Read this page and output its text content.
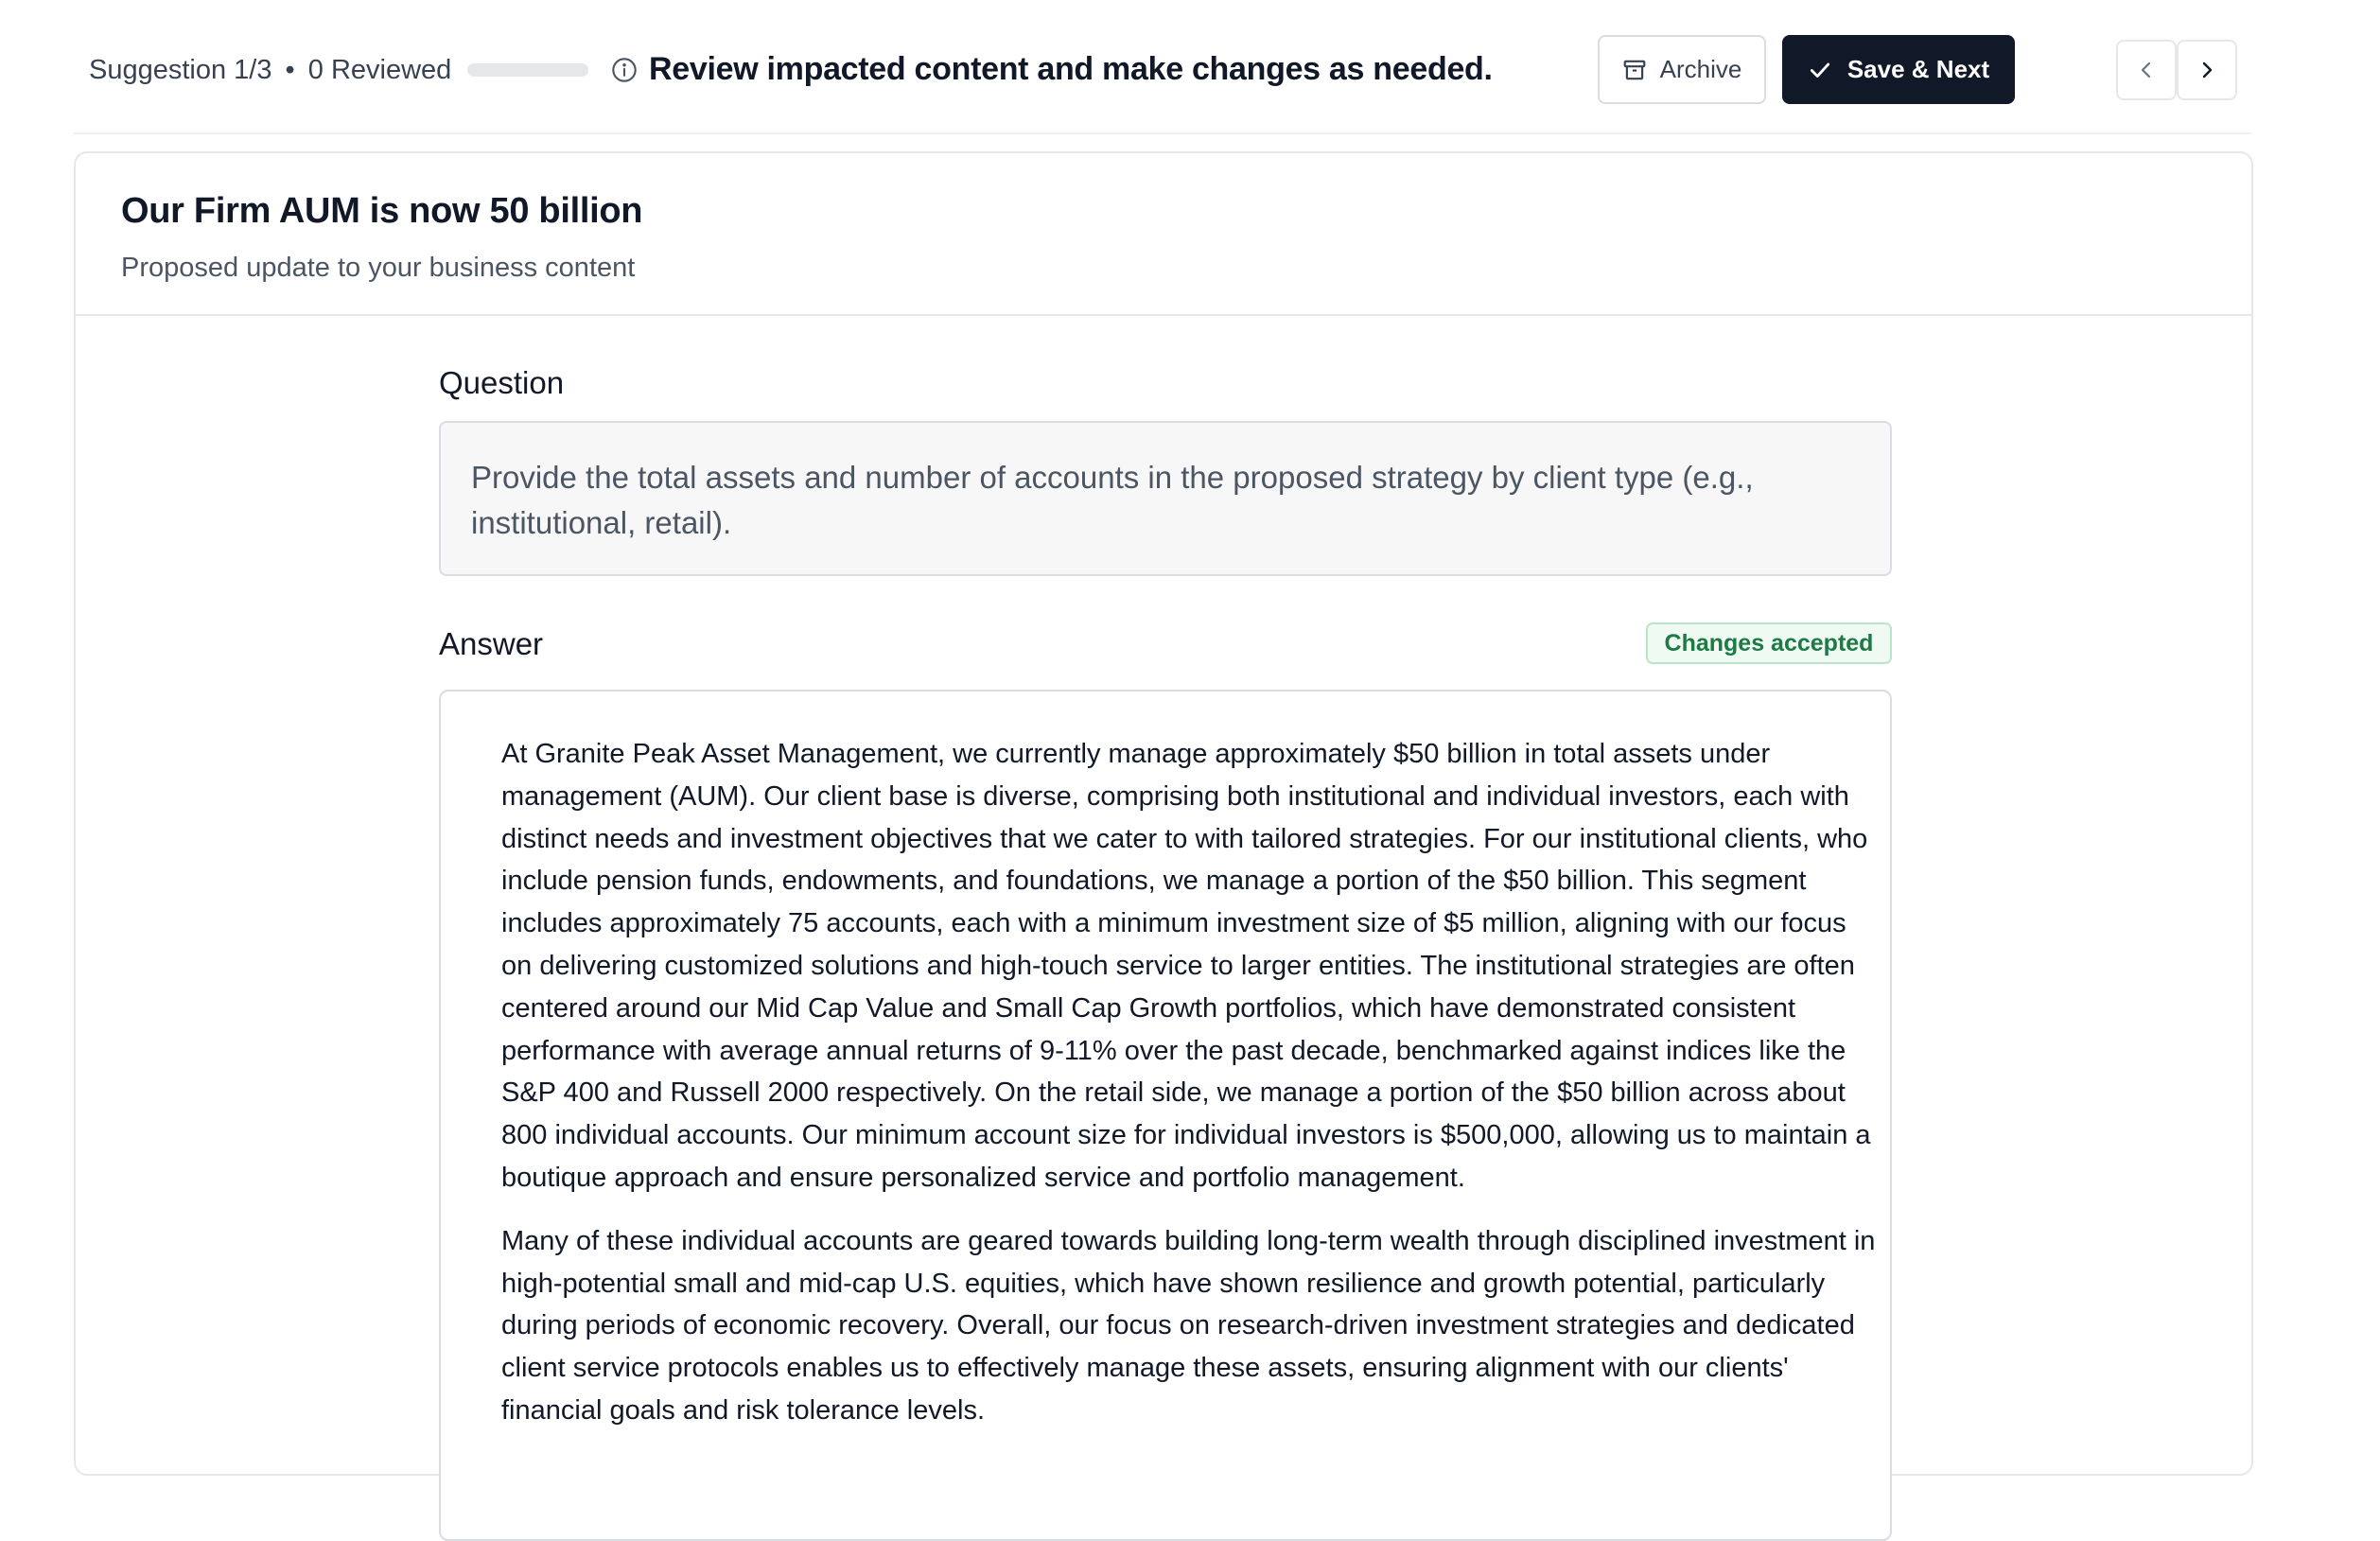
Suggestion 1/3 • 0 Reviewed	Review impacted content and make changes as needed.	Archive	Save & Next
Our Firm AUM is now 50 billion
Proposed update to your business content
Question
Provide the total assets and number of accounts in the proposed strategy by client type (e.g., institutional, retail).
Answer	Changes accepted

At Granite Peak Asset Management, we currently manage approximately $50 billion in total assets under management (AUM). Our client base is diverse, comprising both institutional and individual investors, each with distinct needs and investment objectives that we cater to with tailored strategies. For our institutional clients, who include pension funds, endowments, and foundations, we manage a portion of the $50 billion. This segment includes approximately 75 accounts, each with a minimum investment size of $5 million, aligning with our focus on delivering customized solutions and high-touch service to larger entities. The institutional strategies are often centered around our Mid Cap Value and Small Cap Growth portfolios, which have demonstrated consistent performance with average annual returns of 9-11% over the past decade, benchmarked against indices like the S&P 400 and Russell 2000 respectively. On the retail side, we manage a portion of the $50 billion across about 800 individual accounts. Our minimum account size for individual investors is $500,000, allowing us to maintain a boutique approach and ensure personalized service and portfolio management.

Many of these individual accounts are geared towards building long-term wealth through disciplined investment in high-potential small and mid-cap U.S. equities, which have shown resilience and growth potential, particularly during periods of economic recovery. Overall, our focus on research-driven investment strategies and dedicated client service protocols enables us to effectively manage these assets, ensuring alignment with our clients' financial goals and risk tolerance levels.
